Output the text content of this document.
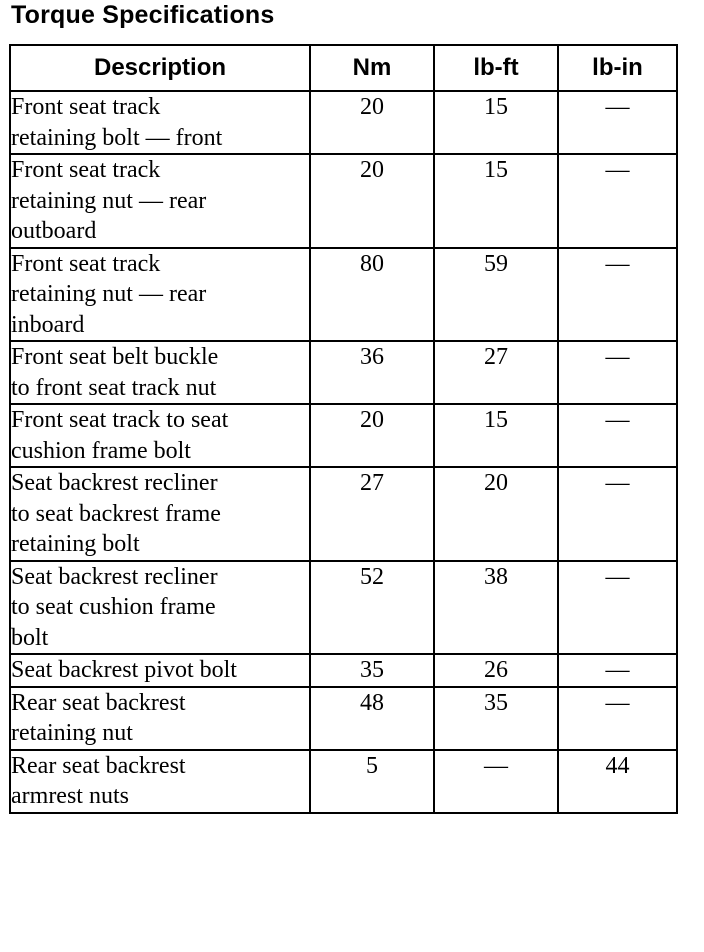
Torque Specifications
Description	Nm	lb-ft	lb-in

Front seat track
retaining bolt — front	20	15	—

Front seat track
retaining nut — rear
outboard	20	15	—

Front seat track
retaining nut — rear
inboard	80	59	—

Front seat belt buckle
to front seat track nut	36	27	—

Front seat track to seat
cushion frame bolt	20	15	—

Seat backrest recliner
to seat backrest frame
retaining bolt	27	20	—

Seat backrest recliner
to seat cushion frame
bolt	52	38	—

Seat backrest pivot bolt	35	26	—

Rear seat backrest
retaining nut	48	35	—

Rear seat backrest
armrest nuts	5	—	44
